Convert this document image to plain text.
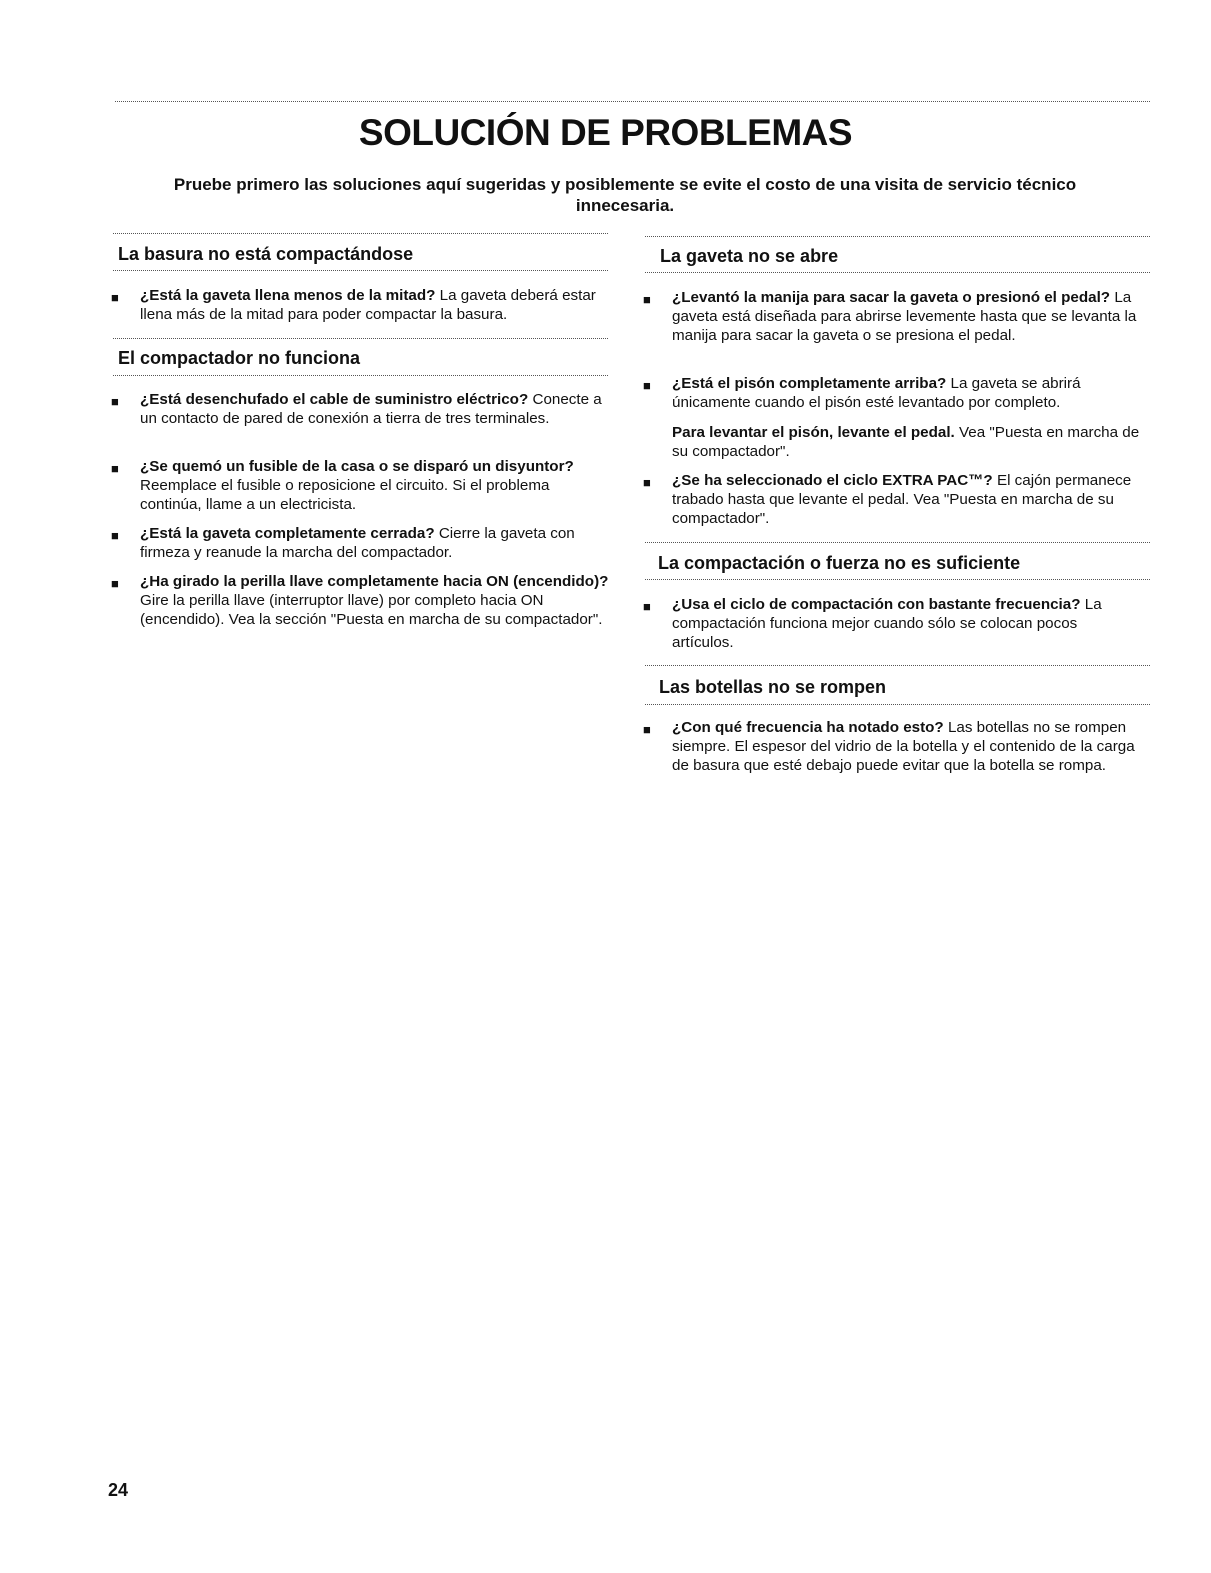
SOLUCIÓN DE PROBLEMAS
Pruebe primero las soluciones aquí sugeridas y posiblemente se evite el costo de una visita de servicio técnico innecesaria.
La basura no está compactándose
■ ¿Está la gaveta llena menos de la mitad? La gaveta deberá estar llena más de la mitad para poder compactar la basura.
El compactador no funciona
■ ¿Está desenchufado el cable de suministro eléctrico? Conecte a un contacto de pared de conexión a tierra de tres terminales.
■ ¿Se quemó un fusible de la casa o se disparó un disyuntor? Reemplace el fusible o reposicione el circuito. Si el problema continúa, llame a un electricista.
■ ¿Está la gaveta completamente cerrada? Cierre la gaveta con firmeza y reanude la marcha del compactador.
■ ¿Ha girado la perilla llave completamente hacia ON (encendido)? Gire la perilla llave (interruptor llave) por completo hacia ON (encendido). Vea la sección "Puesta en marcha de su compactador".
La gaveta no se abre
■ ¿Levantó la manija para sacar la gaveta o presionó el pedal? La gaveta está diseñada para abrirse levemente hasta que se levanta la manija para sacar la gaveta o se presiona el pedal.
■ ¿Está el pisón completamente arriba? La gaveta se abrirá únicamente cuando el pisón esté levantado por completo.
Para levantar el pisón, levante el pedal. Vea "Puesta en marcha de su compactador".
■ ¿Se ha seleccionado el ciclo EXTRA PAC™? El cajón permanece trabado hasta que levante el pedal. Vea "Puesta en marcha de su compactador".
La compactación o fuerza no es suficiente
■ ¿Usa el ciclo de compactación con bastante frecuencia? La compactación funciona mejor cuando sólo se colocan pocos artículos.
Las botellas no se rompen
■ ¿Con qué frecuencia ha notado esto? Las botellas no se rompen siempre. El espesor del vidrio de la botella y el contenido de la carga de basura que esté debajo puede evitar que la botella se rompa.
24
